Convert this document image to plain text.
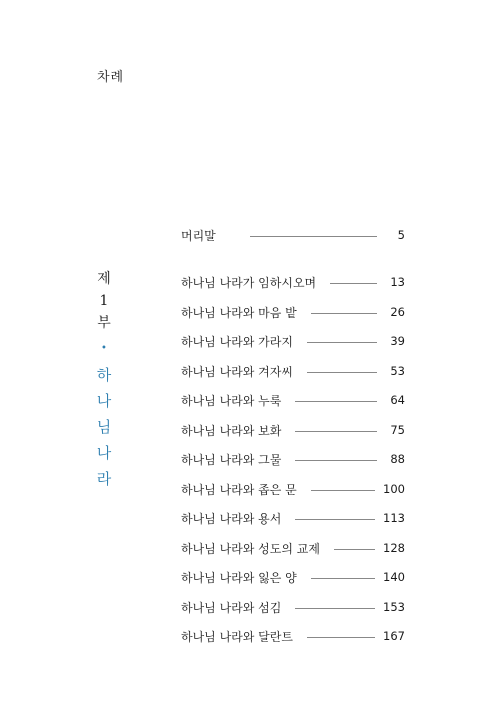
차례
제
1
부
•
하
나
님
나
라
머리말	5
하나님 나라가 임하시오며	13
하나님 나라와 마음 밭	26
하나님 나라와 가라지	39
하나님 나라와 겨자씨	53
하나님 나라와 누룩	64
하나님 나라와 보화	75
하나님 나라와 그물	88
하나님 나라와 좁은 문	100
하나님 나라와 용서	113
하나님 나라와 성도의 교제	128
하나님 나라와 잃은 양	140
하나님 나라와 섬김	153
하나님 나라와 달란트	167
